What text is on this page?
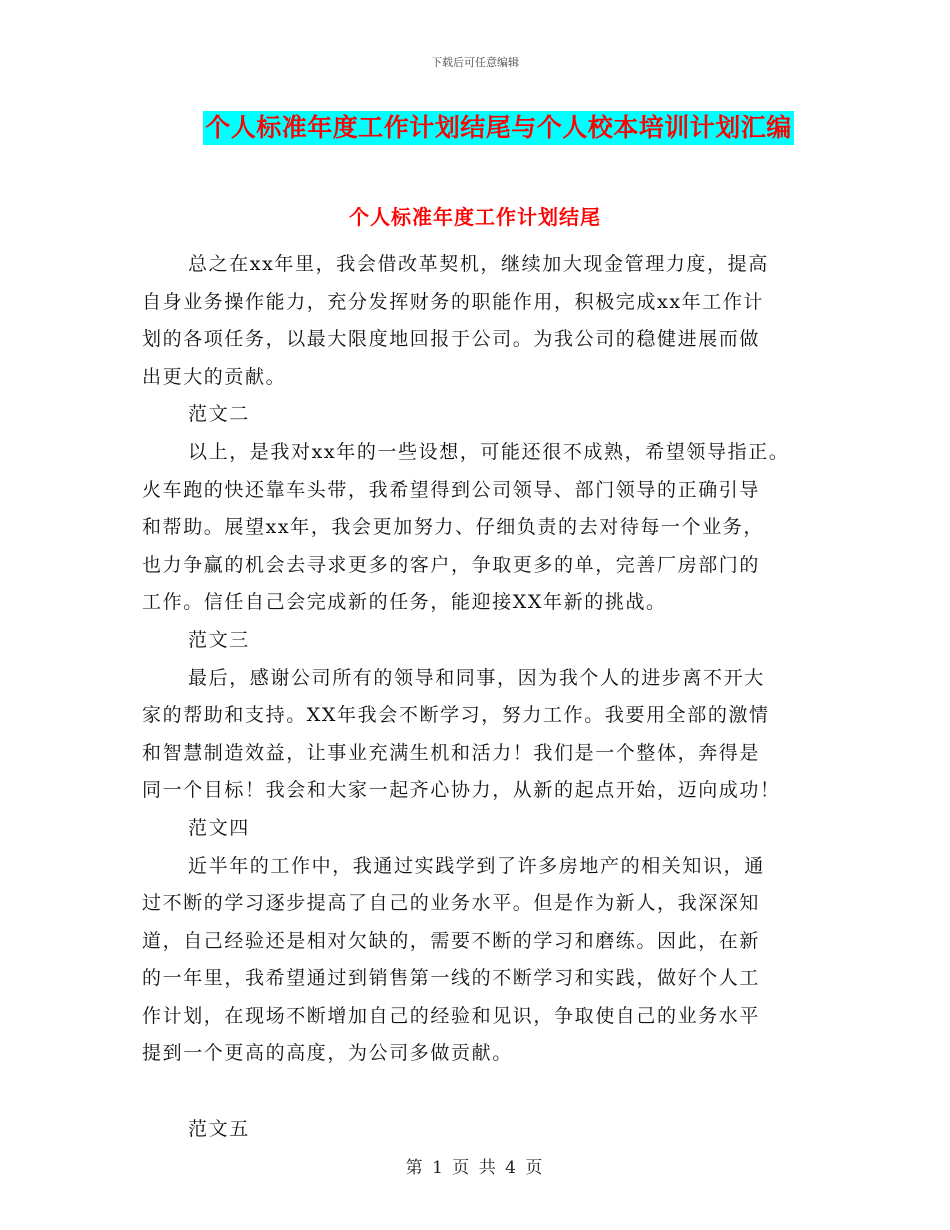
下载后可任意编辑
个人标准年度工作计划结尾与个人校本培训计划汇编
个人标准年度工作计划结尾
总之在xx年里，我会借改革契机，继续加大现金管理力度，提高
自身业务操作能力，充分发挥财务的职能作用，积极完成xx年工作计
划的各项任务，以最大限度地回报于公司。为我公司的稳健进展而做
出更大的贡献。
范文二
以上，是我对xx年的一些设想，可能还很不成熟，希望领导指正。
火车跑的快还靠车头带，我希望得到公司领导、部门领导的正确引导
和帮助。展望xx年，我会更加努力、仔细负责的去对待每一个业务，
也力争赢的机会去寻求更多的客户，争取更多的单，完善厂房部门的
工作。信任自己会完成新的任务，能迎接XX年新的挑战。
范文三
最后，感谢公司所有的领导和同事，因为我个人的进步离不开大
家的帮助和支持。XX年我会不断学习，努力工作。我要用全部的激情
和智慧制造效益，让事业充满生机和活力！我们是一个整体，奔得是
同一个目标！我会和大家一起齐心协力，从新的起点开始，迈向成功！
范文四
近半年的工作中，我通过实践学到了许多房地产的相关知识，通
过不断的学习逐步提高了自己的业务水平。但是作为新人，我深深知
道，自己经验还是相对欠缺的，需要不断的学习和磨练。因此，在新
的一年里，我希望通过到销售第一线的不断学习和实践，做好个人工
作计划，在现场不断增加自己的经验和见识，争取使自己的业务水平
提到一个更高的高度，为公司多做贡献。
范文五
第 1 页 共 4 页
